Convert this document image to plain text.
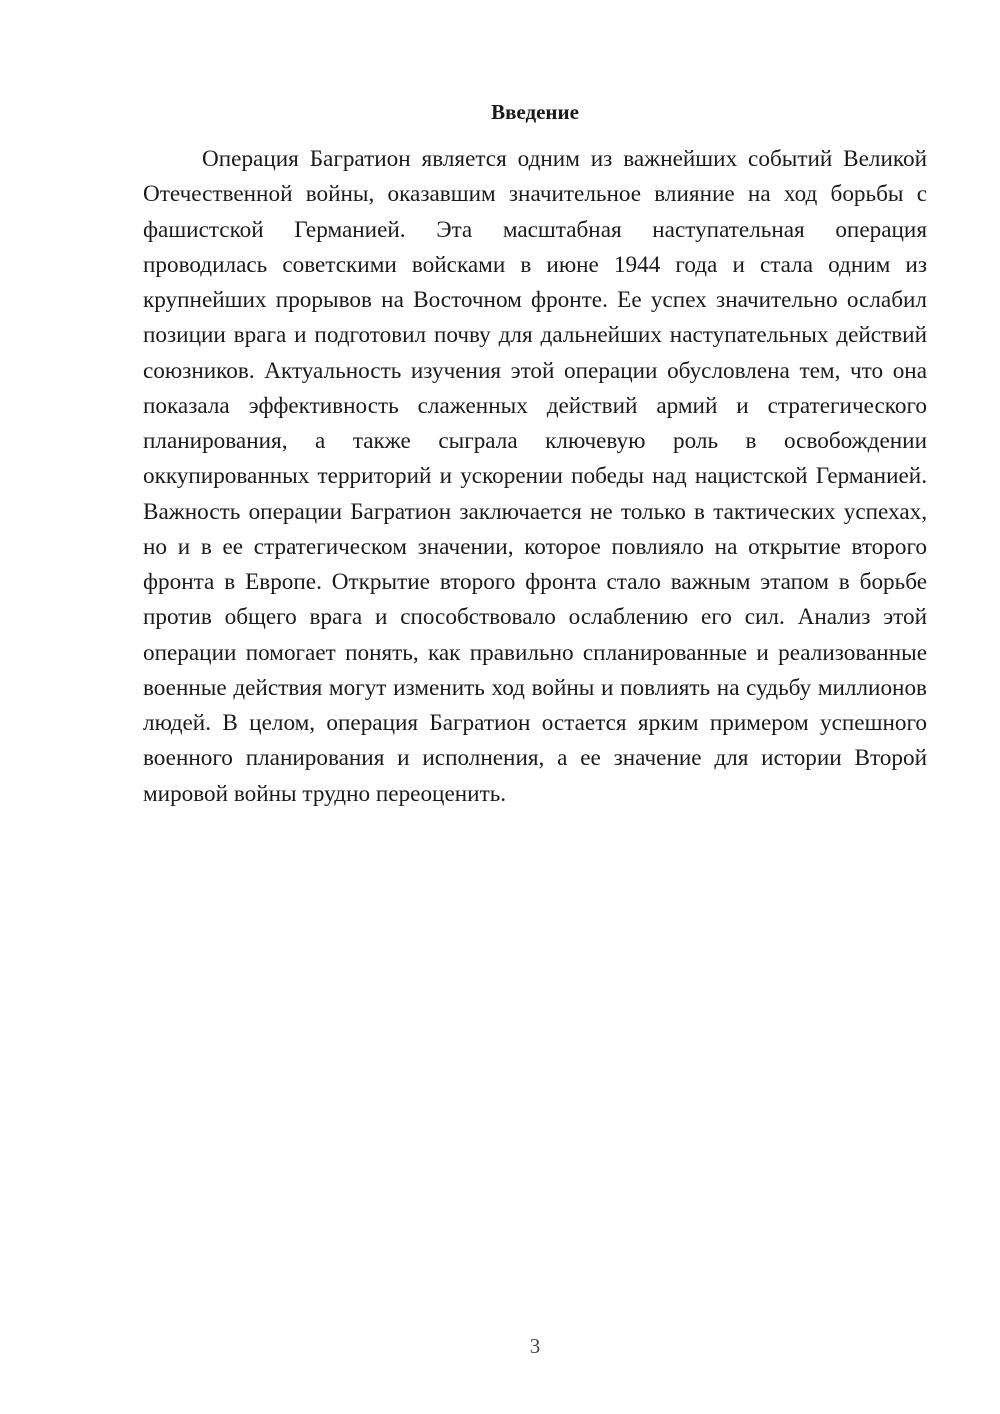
Введение

Операция Багратион является одним из важнейших событий Великой Отечественной войны, оказавшим значительное влияние на ход борьбы с фашистской Германией. Эта масштабная наступательная операция проводилась советскими войсками в июне 1944 года и стала одним из крупнейших прорывов на Восточном фронте. Ее успех значительно ослабил позиции врага и подготовил почву для дальнейших наступательных действий союзников. Актуальность изучения этой операции обусловлена тем, что она показала эффективность слаженных действий армий и стратегического планирования, а также сыграла ключевую роль в освобождении оккупированных территорий и ускорении победы над нацистской Германией. Важность операции Багратион заключается не только в тактических успехах, но и в ее стратегическом значении, которое повлияло на открытие второго фронта в Европе. Открытие второго фронта стало важным этапом в борьбе против общего врага и способствовало ослаблению его сил. Анализ этой операции помогает понять, как правильно спланированные и реализованные военные действия могут изменить ход войны и повлиять на судьбу миллионов людей. В целом, операция Багратион остается ярким примером успешного военного планирования и исполнения, а ее значение для истории Второй мировой войны трудно переоценить.

3
